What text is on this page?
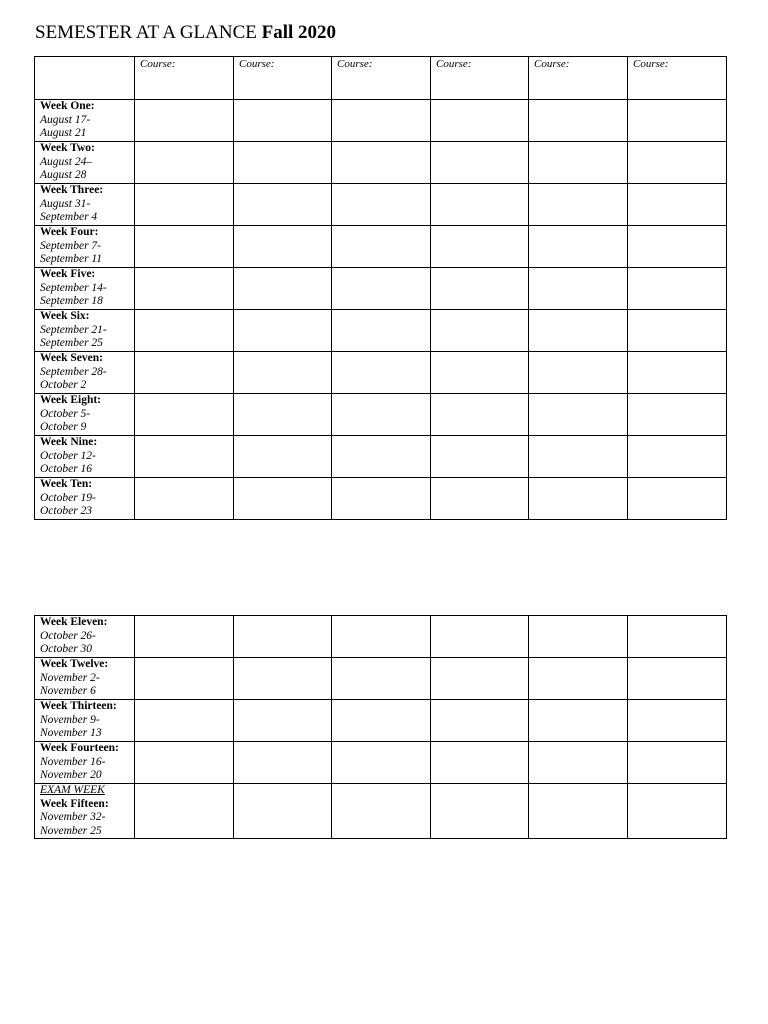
SEMESTER AT A GLANCE Fall 2020
	Course:	Course:	Course:	Course:	Course:	Course:

Week One:
August 17-
August 21						

Week Two:
August 24–
August 28						

Week Three:
August 31-
September 4						

Week Four:
September 7-
September 11						

Week Five:
September 14-
September 18						

Week Six:
September 21-
September 25						

Week Seven:
September 28-
October 2						

Week Eight:
October 5-
October 9						

Week Nine:
October 12-
October 16						

Week Ten:
October 19-
October 23						

Week Eleven:
October 26-
October 30						

Week Twelve:
November 2-
November 6						

Week Thirteen:
November 9-
November 13						

Week Fourteen:
November 16-
November 20						

EXAM WEEK
Week Fifteen:
November 32-
November 25						
